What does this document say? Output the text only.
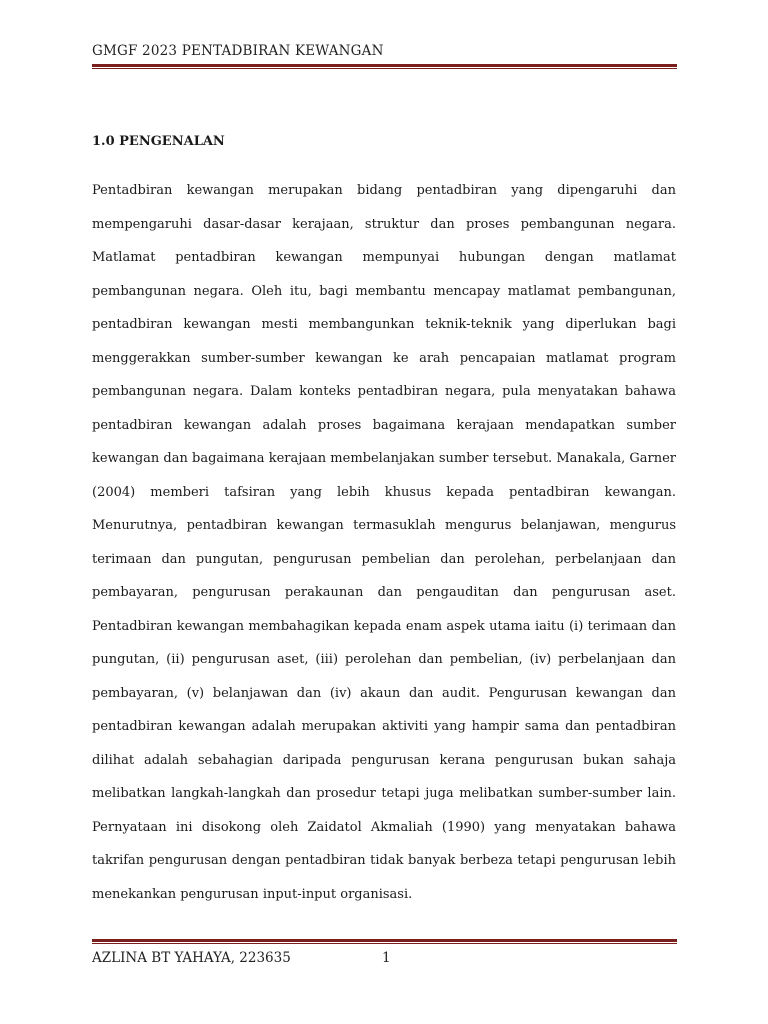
GMGF 2023 PENTADBIRAN KEWANGAN
1.0 PENGENALAN

Pentadbiran kewangan merupakan bidang pentadbiran yang dipengaruhi dan mempengaruhi dasar-dasar kerajaan, struktur dan proses pembangunan negara. Matlamat pentadbiran kewangan mempunyai hubungan dengan matlamat pembangunan negara. Oleh itu, bagi membantu mencapay matlamat pembangunan, pentadbiran kewangan mesti membangunkan teknik-teknik yang diperlukan bagi menggerakkan sumber-sumber kewangan ke arah pencapaian matlamat program pembangunan negara. Dalam konteks pentadbiran negara, pula menyatakan bahawa pentadbiran kewangan adalah proses bagaimana kerajaan mendapatkan sumber kewangan dan bagaimana kerajaan membelanjakan sumber tersebut. Manakala, Garner (2004) memberi tafsiran yang lebih khusus kepada pentadbiran kewangan. Menurutnya, pentadbiran kewangan termasuklah mengurus belanjawan, mengurus terimaan dan pungutan, pengurusan pembelian dan perolehan, perbelanjaan dan pembayaran, pengurusan perakaunan dan pengauditan dan pengurusan aset. Pentadbiran kewangan membahagikan kepada enam aspek utama iaitu (i) terimaan dan pungutan, (ii) pengurusan aset, (iii) perolehan dan pembelian, (iv) perbelanjaan dan pembayaran, (v) belanjawan dan (iv) akaun dan audit. Pengurusan kewangan dan pentadbiran kewangan adalah merupakan aktiviti yang hampir sama dan pentadbiran dilihat adalah sebahagian daripada pengurusan kerana pengurusan bukan sahaja melibatkan langkah-langkah dan prosedur tetapi juga melibatkan sumber-sumber lain. Pernyataan ini disokong oleh Zaidatol Akmaliah (1990) yang menyatakan bahawa takrifan pengurusan dengan pentadbiran tidak banyak berbeza tetapi pengurusan lebih menekankan pengurusan input-input organisasi.

AZLINA BT YAHAYA, 223635	1
